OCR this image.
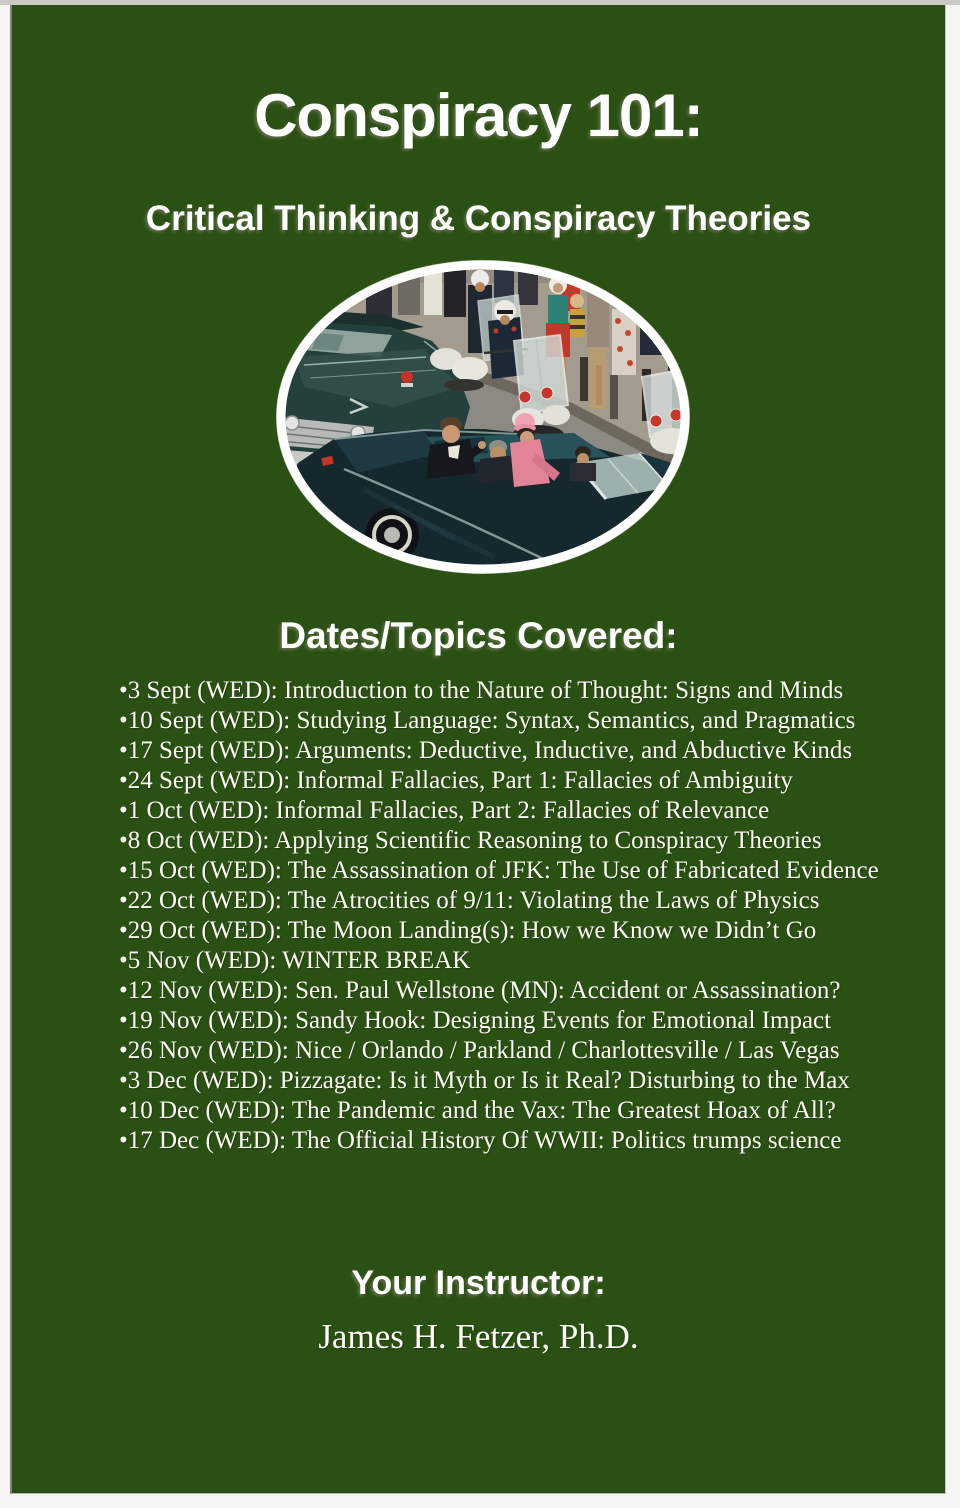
Conspiracy 101:
Critical Thinking & Conspiracy Theories
Dates/Topics Covered:
•3 Sept (WED): Introduction to the Nature of Thought: Signs and Minds
•10 Sept (WED): Studying Language: Syntax, Semantics, and Pragmatics
•17 Sept (WED): Arguments: Deductive, Inductive, and Abductive Kinds
•24 Sept (WED): Informal Fallacies, Part 1: Fallacies of Ambiguity
•1 Oct (WED): Informal Fallacies, Part 2: Fallacies of Relevance
•8 Oct (WED): Applying Scientific Reasoning to Conspiracy Theories
•15 Oct (WED): The Assassination of JFK: The Use of Fabricated Evidence
•22 Oct (WED): The Atrocities of 9/11: Violating the Laws of Physics
•29 Oct (WED): The Moon Landing(s): How we Know we Didn’t Go
•5 Nov (WED): WINTER BREAK
•12 Nov (WED): Sen. Paul Wellstone (MN): Accident or Assassination?
•19 Nov (WED): Sandy Hook: Designing Events for Emotional Impact
•26 Nov (WED): Nice / Orlando / Parkland / Charlottesville / Las Vegas
•3 Dec (WED): Pizzagate: Is it Myth or Is it Real? Disturbing to the Max
•10 Dec (WED): The Pandemic and the Vax: The Greatest Hoax of All?
•17 Dec (WED): The Official History Of WWII: Politics trumps science
Your Instructor:

James H. Fetzer, Ph.D.
